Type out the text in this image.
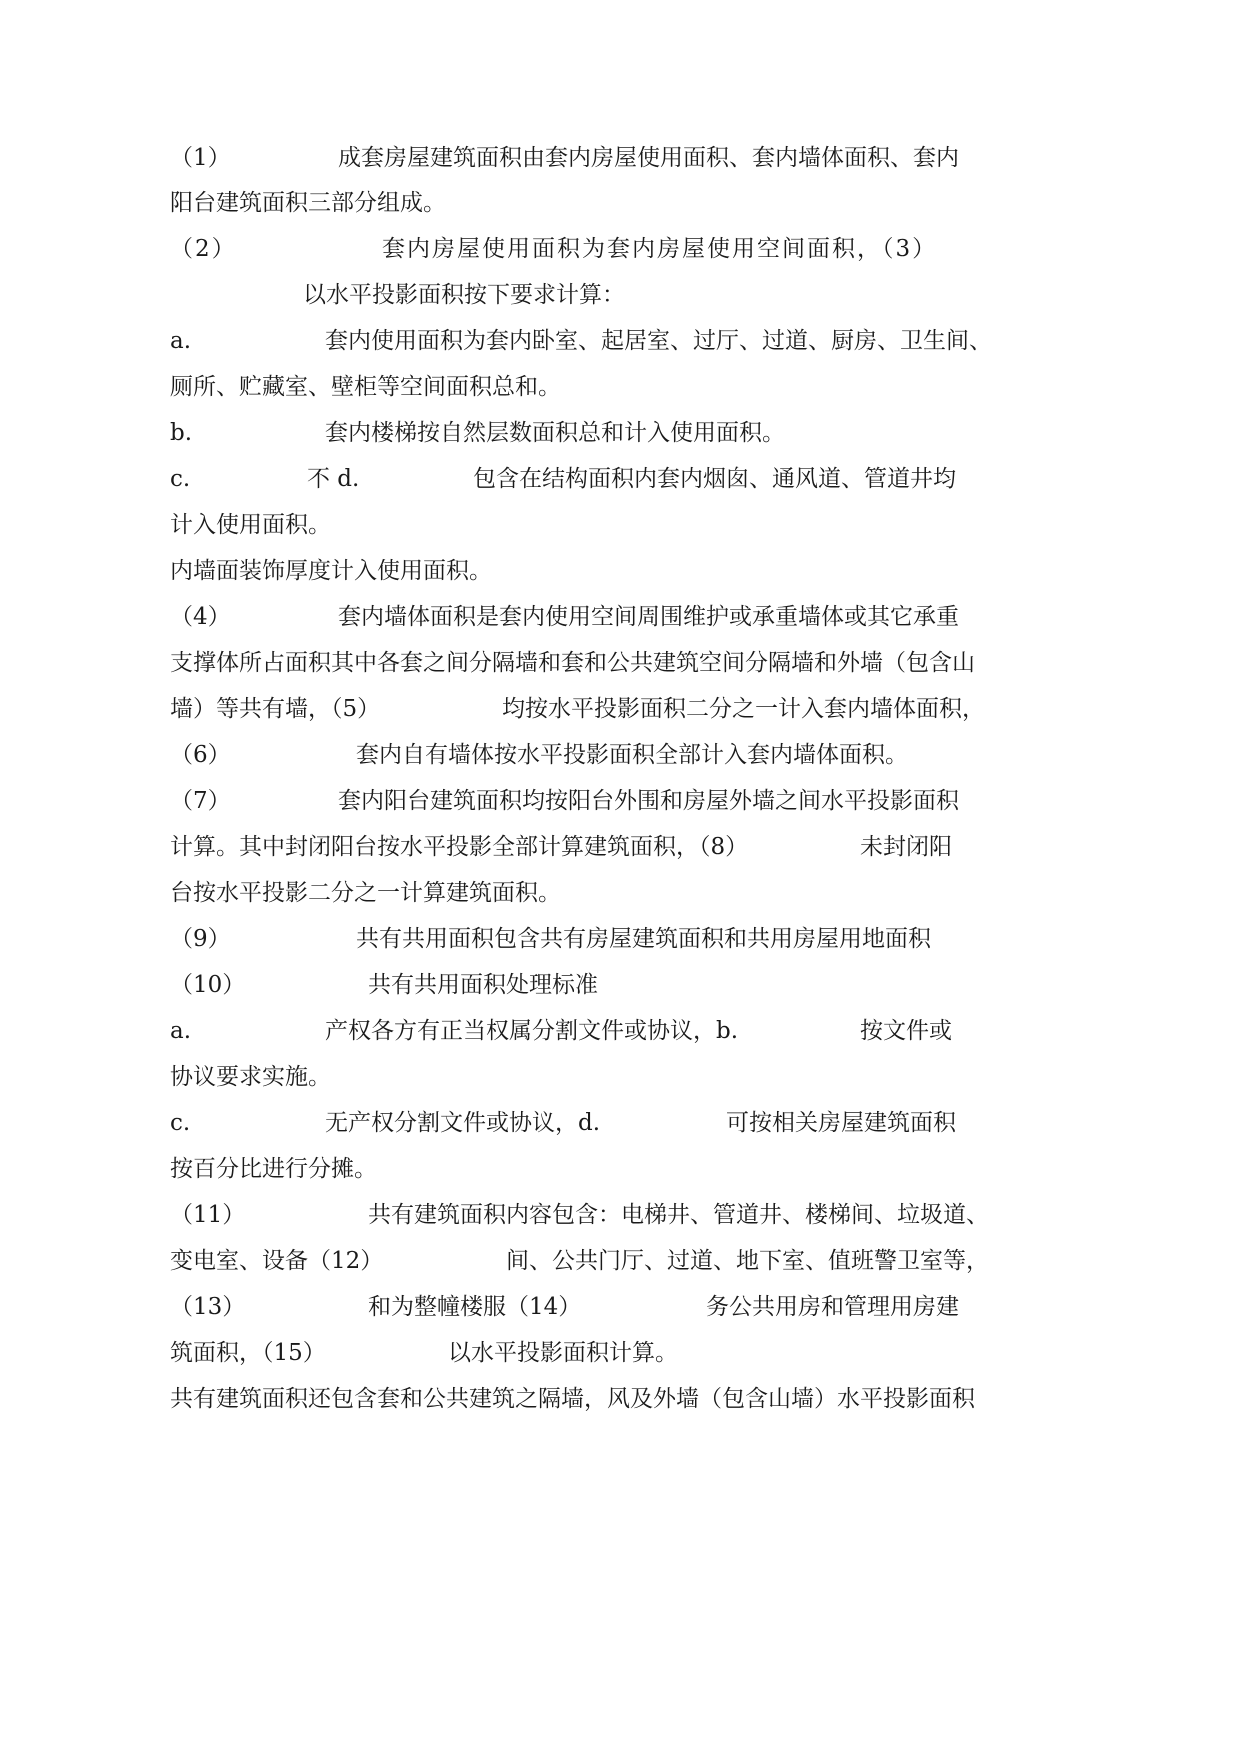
（1）	成套房屋建筑面积由套内房屋使用面积、套内墙体面积、套内
阳台建筑面积三部分组成。
（2）	套内房屋使用面积为套内房屋使用空间面积，（3）
以水平投影面积按下要求计算：
a.	套内使用面积为套内卧室、起居室、过厅、过道、厨房、卫生间、
厕所、贮藏室、壁柜等空间面积总和。
b.	套内楼梯按自然层数面积总和计入使用面积。
c.	不 d.	包含在结构面积内套内烟囱、通风道、管道井均
计入使用面积。
内墙面装饰厚度计入使用面积。
（4）	套内墙体面积是套内使用空间周围维护或承重墙体或其它承重
支撑体所占面积其中各套之间分隔墙和套和公共建筑空间分隔墙和外墙（包含山
墙）等共有墙，（5）	均按水平投影面积二分之一计入套内墙体面积，
（6）	套内自有墙体按水平投影面积全部计入套内墙体面积。
（7）	套内阳台建筑面积均按阳台外围和房屋外墙之间水平投影面积
计算。其中封闭阳台按水平投影全部计算建筑面积，（8）	未封闭阳
台按水平投影二分之一计算建筑面积。
（9）	共有共用面积包含共有房屋建筑面积和共用房屋用地面积
（10）	共有共用面积处理标准
a.	产权各方有正当权属分割文件或协议，b.	按文件或
协议要求实施。
c.	无产权分割文件或协议，d.	可按相关房屋建筑面积
按百分比进行分摊。
（11）	共有建筑面积内容包含：电梯井、管道井、楼梯间、垃圾道、
变电室、设备（12）	间、公共门厅、过道、地下室、值班警卫室等，
（13）	和为整幢楼服（14）	务公共用房和管理用房建
筑面积，（15）	以水平投影面积计算。
共有建筑面积还包含套和公共建筑之隔墙，风及外墙（包含山墙）水平投影面积
